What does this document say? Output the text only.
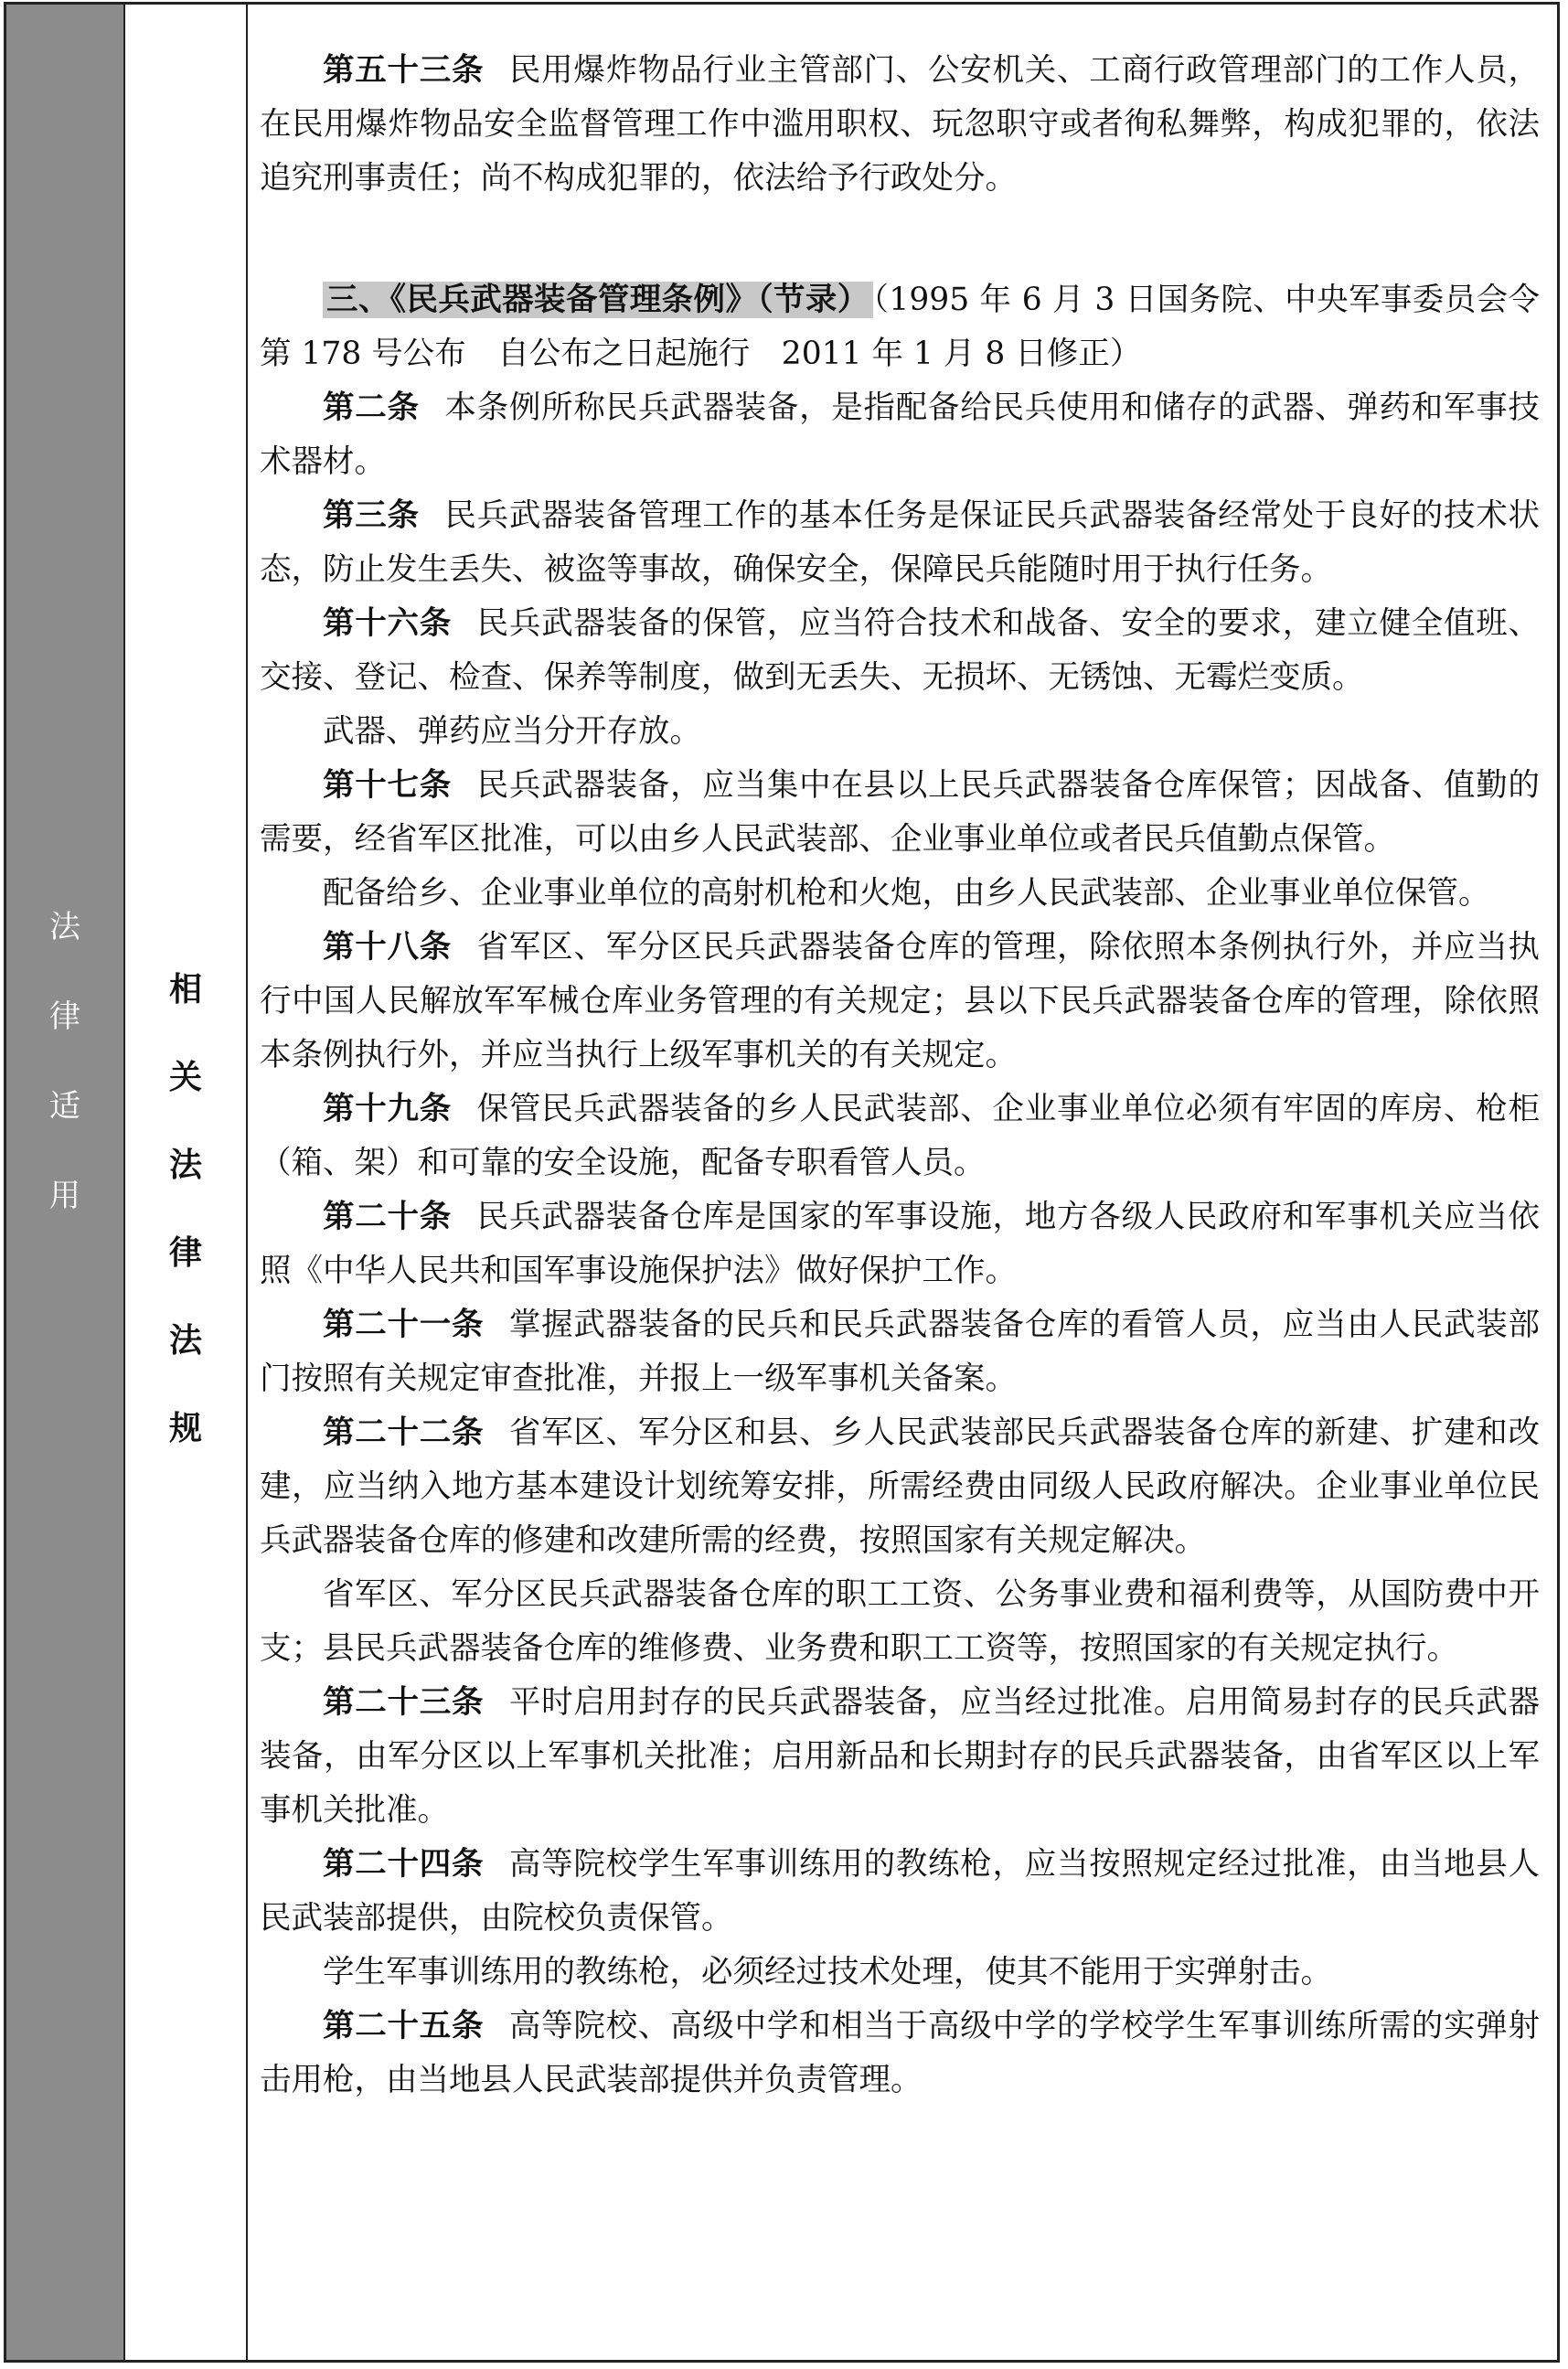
法
律
适
用
相
关
法
律
法
规

第五十三条 民用爆炸物品行业主管部门、公安机关、工商行政管理部门的工作人员，在民用爆炸物品安全监督管理工作中滥用职权、玩忽职守或者徇私舞弊，构成犯罪的，依法追究刑事责任；尚不构成犯罪的，依法给予行政处分。

三、《民兵武器装备管理条例》（节录） （1995 年 6 月 3 日国务院、中央军事委员会令第 178 号公布　自公布之日起施行　2011 年 1 月 8 日修正）

第二条 本条例所称民兵武器装备，是指配备给民兵使用和储存的武器、弹药和军事技术器材。

第三条 民兵武器装备管理工作的基本任务是保证民兵武器装备经常处于良好的技术状态，防止发生丢失、被盗等事故，确保安全，保障民兵能随时用于执行任务。

第十六条 民兵武器装备的保管，应当符合技术和战备、安全的要求，建立健全值班、交接、登记、检查、保养等制度，做到无丢失、无损坏、无锈蚀、无霉烂变质。

武器、弹药应当分开存放。

第十七条 民兵武器装备，应当集中在县以上民兵武器装备仓库保管；因战备、值勤的需要，经省军区批准，可以由乡人民武装部、企业事业单位或者民兵值勤点保管。

配备给乡、企业事业单位的高射机枪和火炮，由乡人民武装部、企业事业单位保管。

第十八条 省军区、军分区民兵武器装备仓库的管理，除依照本条例执行外，并应当执行中国人民解放军军械仓库业务管理的有关规定；县以下民兵武器装备仓库的管理，除依照本条例执行外，并应当执行上级军事机关的有关规定。

第十九条 保管民兵武器装备的乡人民武装部、企业事业单位必须有牢固的库房、枪柜（箱、架）和可靠的安全设施，配备专职看管人员。

第二十条 民兵武器装备仓库是国家的军事设施，地方各级人民政府和军事机关应当依照《中华人民共和国军事设施保护法》做好保护工作。

第二十一条 掌握武器装备的民兵和民兵武器装备仓库的看管人员，应当由人民武装部门按照有关规定审查批准，并报上一级军事机关备案。

第二十二条 省军区、军分区和县、乡人民武装部民兵武器装备仓库的新建、扩建和改建，应当纳入地方基本建设计划统筹安排，所需经费由同级人民政府解决。企业事业单位民兵武器装备仓库的修建和改建所需的经费，按照国家有关规定解决。

省军区、军分区民兵武器装备仓库的职工工资、公务事业费和福利费等，从国防费中开支；县民兵武器装备仓库的维修费、业务费和职工工资等，按照国家的有关规定执行。

第二十三条 平时启用封存的民兵武器装备，应当经过批准。启用简易封存的民兵武器装备，由军分区以上军事机关批准；启用新品和长期封存的民兵武器装备，由省军区以上军事机关批准。

第二十四条 高等院校学生军事训练用的教练枪，应当按照规定经过批准，由当地县人民武装部提供，由院校负责保管。

学生军事训练用的教练枪，必须经过技术处理，使其不能用于实弹射击。

第二十五条 高等院校、高级中学和相当于高级中学的学校学生军事训练所需的实弹射击用枪，由当地县人民武装部提供并负责管理。
